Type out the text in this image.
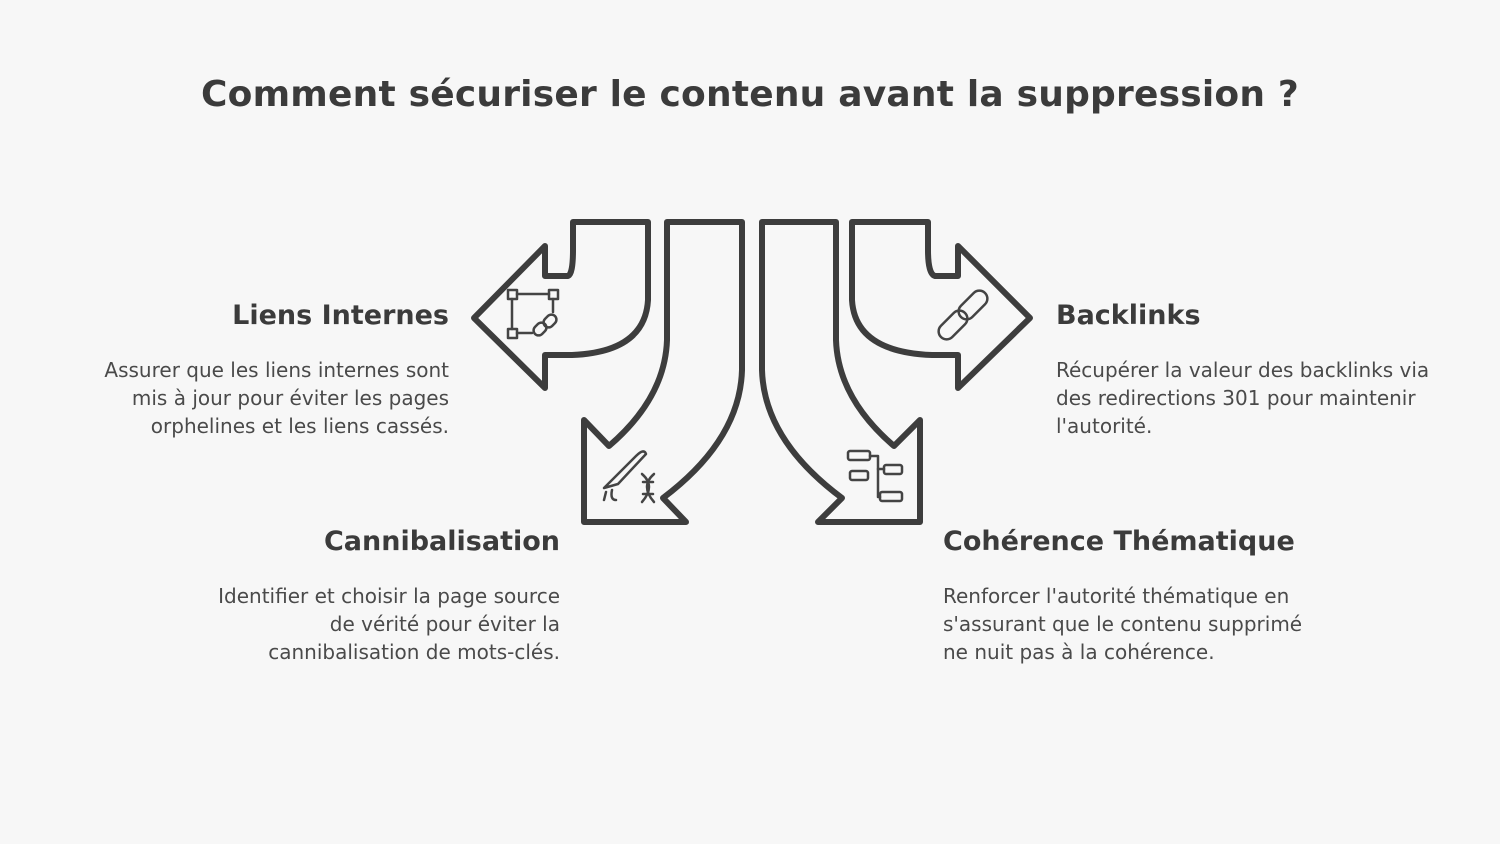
Comment sécuriser le contenu avant la suppression ?
Liens Internes
Assurer que les liens internes sont mis à jour pour éviter les pages orphelines et les liens cassés.
Backlinks
Récupérer la valeur des backlinks via des redirections 301 pour maintenir l'autorité.
Cannibalisation
Identifier et choisir la page source de vérité pour éviter la cannibalisation de mots-clés.
Cohérence Thématique
Renforcer l'autorité thématique en s'assurant que le contenu supprimé ne nuit pas à la cohérence.
